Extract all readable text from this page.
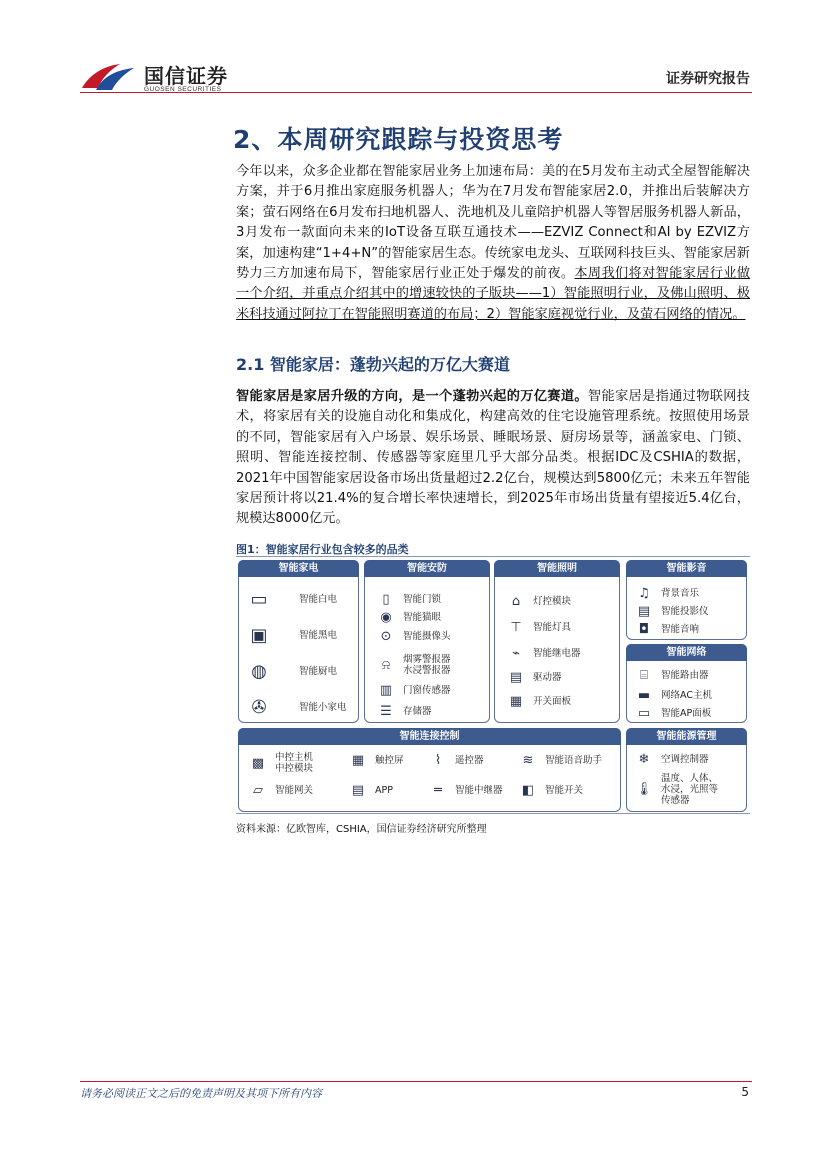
国信证券
GUOSEN SECURITIES
证券研究报告
2、本周研究跟踪与投资思考
今年以来，众多企业都在智能家居业务上加速布局：美的在5月发布主动式全屋智能解决方案，并于6月推出家庭服务机器人；华为在7月发布智能家居2.0，并推出后装解决方案；萤石网络在6月发布扫地机器人、洗地机及儿童陪护机器人等智居服务机器人新品，3月发布一款面向未来的IoT设备互联互通技术——EZVIZ Connect和AI by EZVIZ方案，加速构建“1+4+N”的智能家居生态。传统家电龙头、互联网科技巨头、智能家居新势力三方加速布局下，智能家居行业正处于爆发的前夜。本周我们将对智能家居行业做一个介绍，并重点介绍其中的增速较快的子版块——1）智能照明行业，及佛山照明、极米科技通过阿拉丁在智能照明赛道的布局；2）智能家庭视觉行业，及萤石网络的情况。
2.1 智能家居：蓬勃兴起的万亿大赛道
智能家居是家居升级的方向，是一个蓬勃兴起的万亿赛道。智能家居是指通过物联网技术，将家居有关的设施自动化和集成化，构建高效的住宅设施管理系统。按照使用场景的不同，智能家居有入户场景、娱乐场景、睡眠场景、厨房场景等，涵盖家电、门锁、照明、智能连接控制、传感器等家庭里几乎大部分品类。根据IDC及CSHIA的数据，2021年中国智能家居设备市场出货量超过2.2亿台，规模达到5800亿元；未来五年智能家居预计将以21.4%的复合增长率快速增长，到2025年市场出货量有望接近5.4亿台，规模达8000亿元。
图1：智能家居行业包含较多的品类
智能家电
▭	智能白电
▣	智能黑电
◍	智能厨电
✇	智能小家电
智能安防
▯	智能门锁
◉	智能猫眼
⊙	智能摄像头
⍾	烟雾警报器
水浸警报器
▥	门窗传感器
☰	存储器
智能照明
⌂	灯控模块
⊤	智能灯具
⌁	智能继电器
▤	驱动器
▦	开关面板
智能影音
♫	背景音乐
▤	智能投影仪
◘	智能音响
智能网络
⌸	智能路由器
▬	网络AC主机
▭	智能AP面板
智能连接控制
▩	中控主机
中控模块
▱	智能网关
▦	触控屏
▤	APP
⌇	遥控器
═	智能中继器
≋	智能语音助手
◧	智能开关
智能能源管理
❄	空调控制器
🌡
温度、人体、
水浸，光照等
传感器
资料来源：亿欧智库，CSHIA，国信证券经济研究所整理
请务必阅读正文之后的免责声明及其项下所有内容	5
